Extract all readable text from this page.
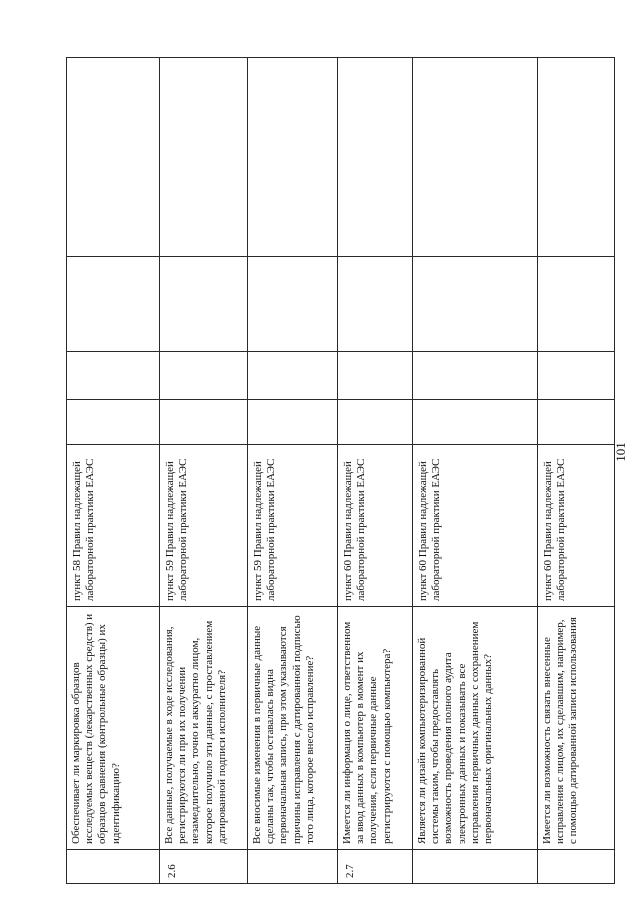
101
	Обеспечивает ли маркировка образцов исследуемых веществ (лекарственных средств) и образцов сравнения (контрольные образцы) их идентификацию?	пункт 58 Правил надлежащей лабораторной практики ЕАЭС				
2.6	Все данные, получаемые в ходе исследования, регистрируются ли при их получении незамедлительно, точно и аккуратно лицом, которое получило эти данные, с проставлением датированной подписи исполнителя?	пункт 59 Правил надлежащей лабораторной практики ЕАЭС				
	Все вносимые изменения в первичные данные сделаны так, чтобы оставалась видна первоначальная запись, при этом указываются причины исправления с датированной подписью того лица, которое внесло исправление?	пункт 59 Правил надлежащей лабораторной практики ЕАЭС				
2.7	Имеется ли информация о лице, ответственном за ввод данных в компьютер в момент их получения, если первичные данные регистрируются с помощью компьютера?	пункт 60 Правил надлежащей лабораторной практики ЕАЭС				
	Является ли дизайн компьютеризированной системы таким, чтобы предоставлять возможность проведения полного аудита электронных данных и показывать все исправления первичных данных с сохранением первоначальных оригинальных данных?	пункт 60 Правил надлежащей лабораторной практики ЕАЭС				
	Имеется ли возможность связать внесенные исправления с лицом, их сделавшим, например, с помощью датированной записи использования	пункт 60 Правил надлежащей лабораторной практики ЕАЭС				
